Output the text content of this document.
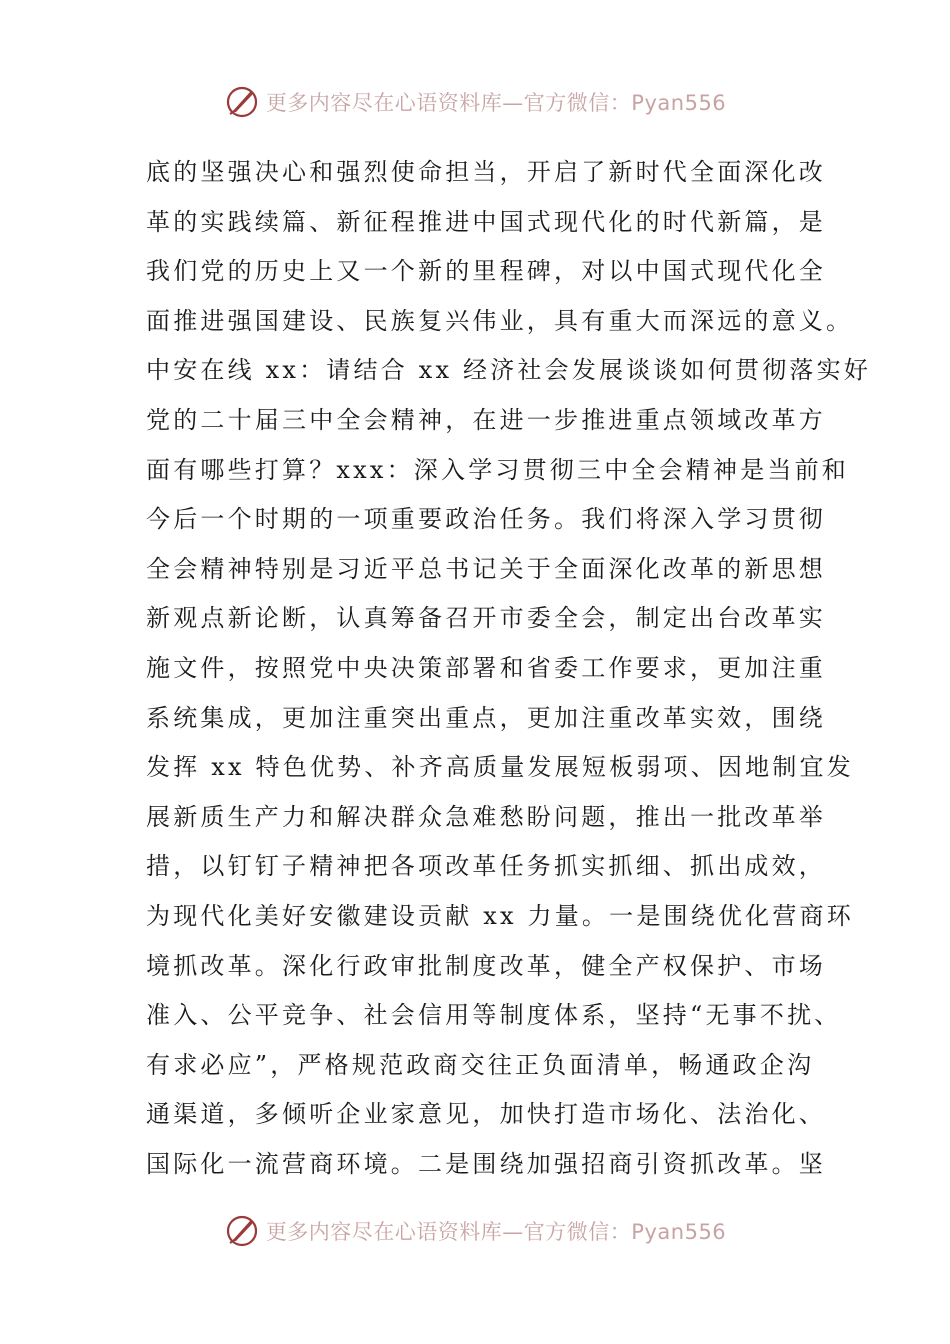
更多内容尽在心语资料库—官方微信：Pyan556
底的坚强决心和强烈使命担当，开启了新时代全面深化改
革的实践续篇、新征程推进中国式现代化的时代新篇，是
我们党的历史上又一个新的里程碑，对以中国式现代化全
面推进强国建设、民族复兴伟业，具有重大而深远的意义。
中安在线 xx：请结合 xx 经济社会发展谈谈如何贯彻落实好
党的二十届三中全会精神，在进一步推进重点领域改革方
面有哪些打算？xxx：深入学习贯彻三中全会精神是当前和
今后一个时期的一项重要政治任务。我们将深入学习贯彻
全会精神特别是习近平总书记关于全面深化改革的新思想
新观点新论断，认真筹备召开市委全会，制定出台改革实
施文件，按照党中央决策部署和省委工作要求，更加注重
系统集成，更加注重突出重点，更加注重改革实效，围绕
发挥 xx 特色优势、补齐高质量发展短板弱项、因地制宜发
展新质生产力和解决群众急难愁盼问题，推出一批改革举
措，以钉钉子精神把各项改革任务抓实抓细、抓出成效，
为现代化美好安徽建设贡献 xx 力量。一是围绕优化营商环
境抓改革。深化行政审批制度改革，健全产权保护、市场
准入、公平竞争、社会信用等制度体系，坚持“无事不扰、
有求必应”，严格规范政商交往正负面清单，畅通政企沟
通渠道，多倾听企业家意见，加快打造市场化、法治化、
国际化一流营商环境。二是围绕加强招商引资抓改革。坚
更多内容尽在心语资料库—官方微信：Pyan556
